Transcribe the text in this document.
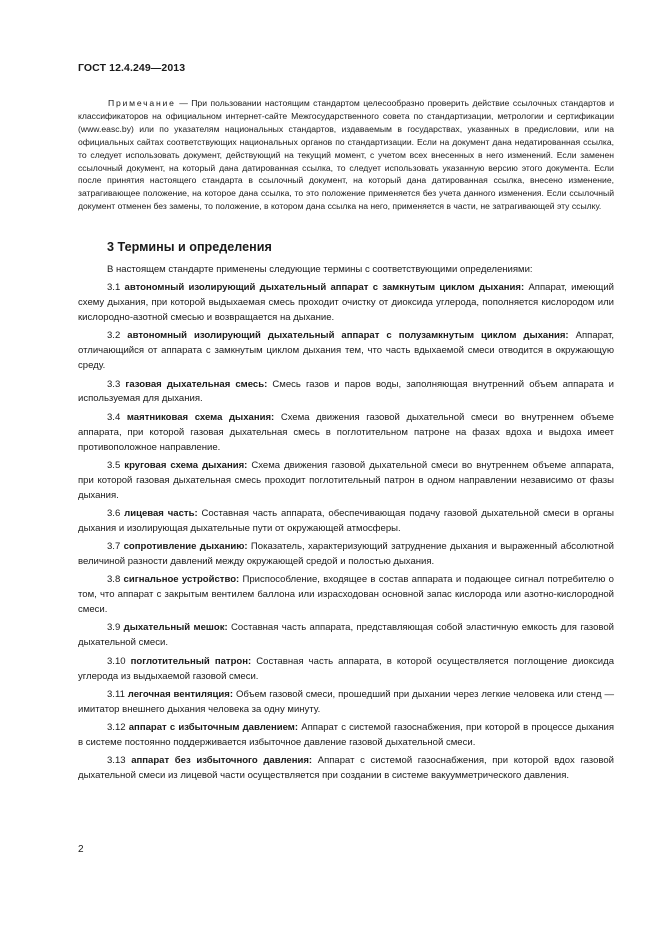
ГОСТ 12.4.249—2013
Примечание — При пользовании настоящим стандартом целесообразно проверить действие ссылочных стандартов и классификаторов на официальном интернет-сайте Межгосударственного совета по стандартизации, метрологии и сертификации (www.easc.by) или по указателям национальных стандартов, издаваемым в государствах, указанных в предисловии, или на официальных сайтах соответствующих национальных органов по стандартизации. Если на документ дана недатированная ссылка, то следует использовать документ, действующий на текущий момент, с учетом всех внесенных в него изменений. Если заменен ссылочный документ, на который дана датированная ссылка, то следует использовать указанную версию этого документа. Если после принятия настоящего стандарта в ссылочный документ, на который дана датированная ссылка, внесено изменение, затрагивающее положение, на которое дана ссылка, то это положение применяется без учета данного изменения. Если ссылочный документ отменен без замены, то положение, в котором дана ссылка на него, применяется в части, не затрагивающей эту ссылку.
3 Термины и определения

В настоящем стандарте применены следующие термины с соответствующими определениями:

3.1 автономный изолирующий дыхательный аппарат с замкнутым циклом дыхания: Аппарат, имеющий схему дыхания, при которой выдыхаемая смесь проходит очистку от диоксида углерода, пополняется кислородом или кислородно-азотной смесью и возвращается на дыхание.

3.2 автономный изолирующий дыхательный аппарат с полузамкнутым циклом дыхания: Аппарат, отличающийся от аппарата с замкнутым циклом дыхания тем, что часть вдыхаемой смеси отводится в окружающую среду.

3.3 газовая дыхательная смесь: Смесь газов и паров воды, заполняющая внутренний объем аппарата и используемая для дыхания.

3.4 маятниковая схема дыхания: Схема движения газовой дыхательной смеси во внутреннем объеме аппарата, при которой газовая дыхательная смесь в поглотительном патроне на фазах вдоха и выдоха имеет противоположное направление.

3.5 круговая схема дыхания: Схема движения газовой дыхательной смеси во внутреннем объеме аппарата, при которой газовая дыхательная смесь проходит поглотительный патрон в одном направлении независимо от фазы дыхания.

3.6 лицевая часть: Составная часть аппарата, обеспечивающая подачу газовой дыхательной смеси в органы дыхания и изолирующая дыхательные пути от окружающей атмосферы.

3.7 сопротивление дыханию: Показатель, характеризующий затруднение дыхания и выраженный абсолютной величиной разности давлений между окружающей средой и полостью дыхания.

3.8 сигнальное устройство: Приспособление, входящее в состав аппарата и подающее сигнал потребителю о том, что аппарат с закрытым вентилем баллона или израсходован основной запас кислорода или азотно-кислородной смеси.

3.9 дыхательный мешок: Составная часть аппарата, представляющая собой эластичную емкость для газовой дыхательной смеси.

3.10 поглотительный патрон: Составная часть аппарата, в которой осуществляется поглощение диоксида углерода из выдыхаемой газовой смеси.

3.11 легочная вентиляция: Объем газовой смеси, прошедший при дыхании через легкие человека или стенд — имитатор внешнего дыхания человека за одну минуту.

3.12 аппарат с избыточным давлением: Аппарат с системой газоснабжения, при которой в процессе дыхания в системе постоянно поддерживается избыточное давление газовой дыхательной смеси.

3.13 аппарат без избыточного давления: Аппарат с системой газоснабжения, при которой вдох газовой дыхательной смеси из лицевой части осуществляется при создании в системе вакуумметрического давления.

2
